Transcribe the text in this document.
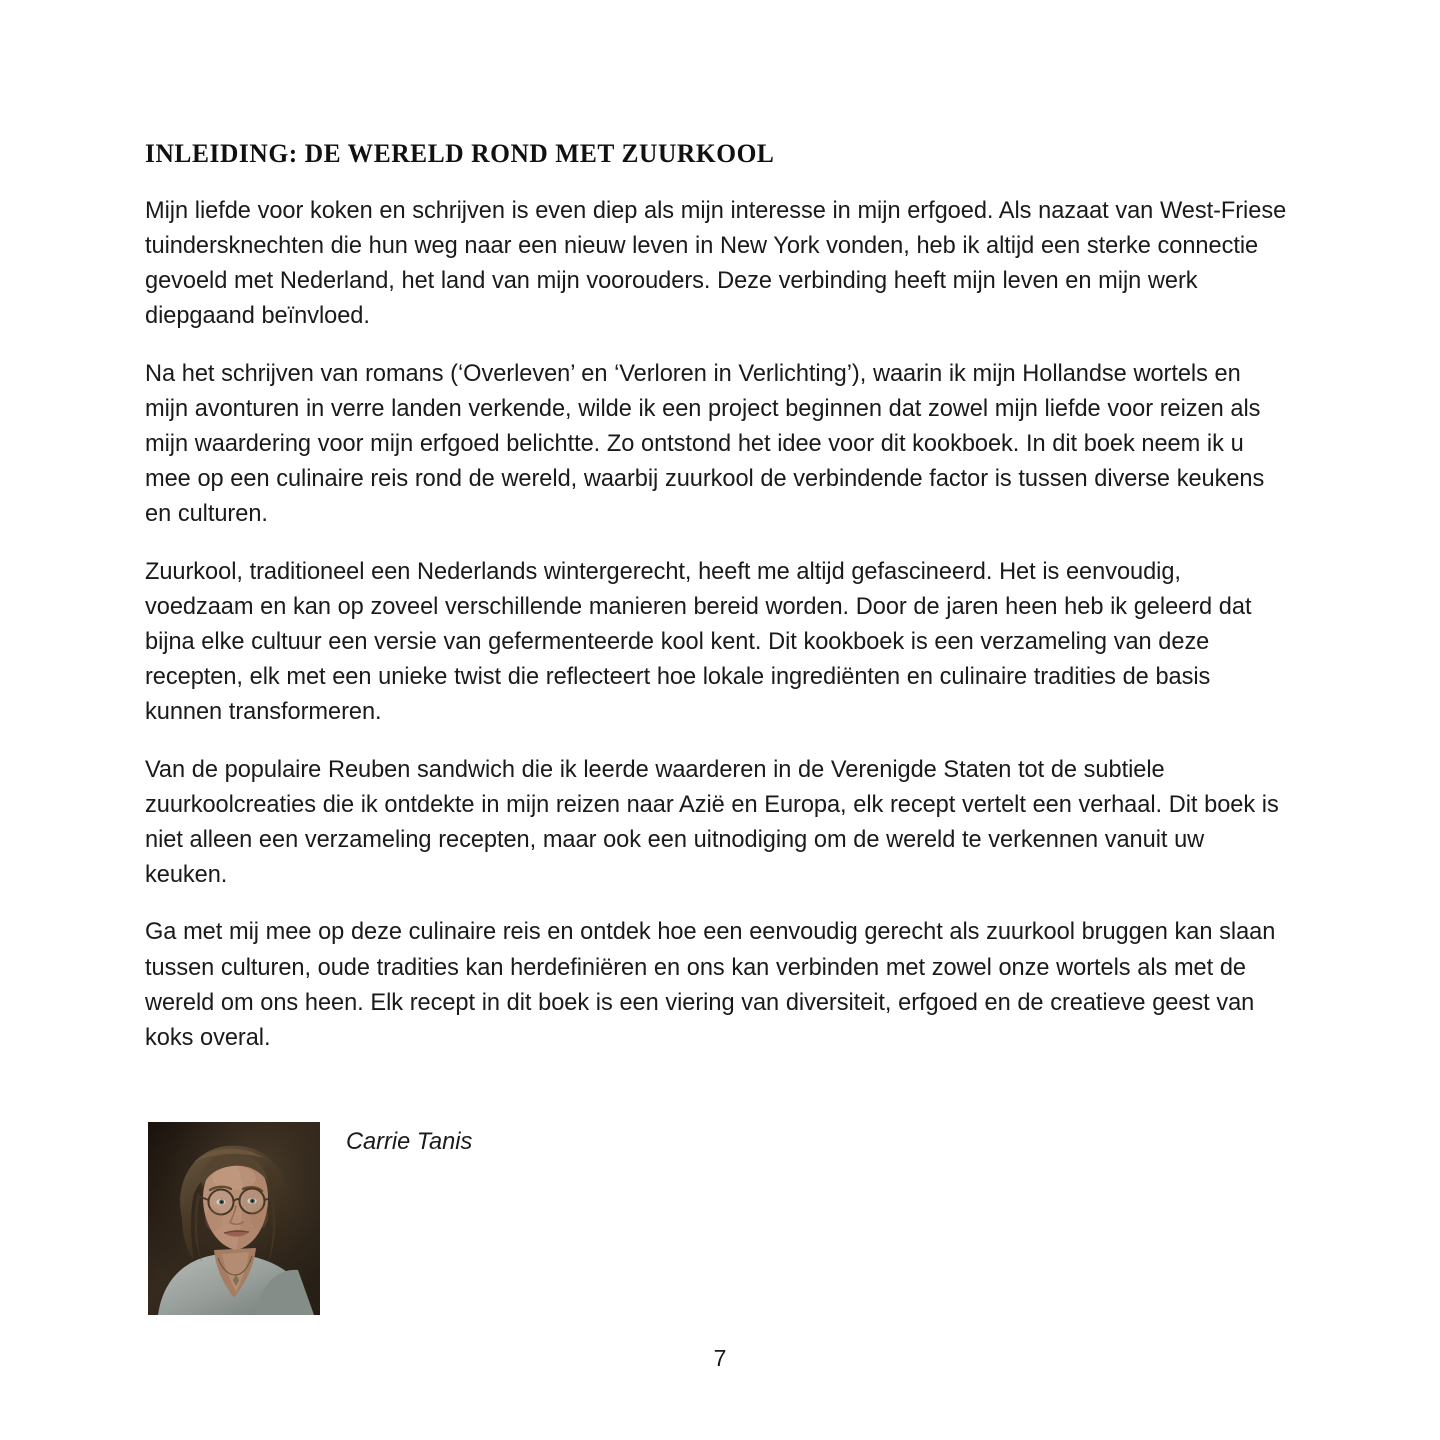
INLEIDING: DE WERELD ROND MET ZUURKOOL

Mijn liefde voor koken en schrijven is even diep als mijn interesse in mijn erfgoed. Als nazaat van West-Friese tuindersknechten die hun weg naar een nieuw leven in New York vonden, heb ik altijd een sterke connectie gevoeld met Nederland, het land van mijn voorouders. Deze verbinding heeft mijn leven en mijn werk diepgaand beïnvloed.

Na het schrijven van romans (‘Overleven’ en ‘Verloren in Verlichting’), waarin ik mijn Hollandse wortels en mijn avonturen in verre landen verkende, wilde ik een project beginnen dat zowel mijn liefde voor reizen als mijn waardering voor mijn erfgoed belichtte. Zo ontstond het idee voor dit kookboek. In dit boek neem ik u mee op een culinaire reis rond de wereld, waarbij zuurkool de verbindende factor is tussen diverse keukens en culturen.

Zuurkool, traditioneel een Nederlands wintergerecht, heeft me altijd gefascineerd. Het is eenvoudig, voedzaam en kan op zoveel verschillende manieren bereid worden. Door de jaren heen heb ik geleerd dat bijna elke cultuur een versie van gefermenteerde kool kent. Dit kookboek is een verzameling van deze recepten, elk met een unieke twist die reflecteert hoe lokale ingrediënten en culinaire tradities de basis kunnen transformeren.

Van de populaire Reuben sandwich die ik leerde waarderen in de Verenigde Staten tot de subtiele zuurkoolcreaties die ik ontdekte in mijn reizen naar Azië en Europa, elk recept vertelt een verhaal. Dit boek is niet alleen een verzameling recepten, maar ook een uitnodiging om de wereld te verkennen vanuit uw keuken.

Ga met mij mee op deze culinaire reis en ontdek hoe een eenvoudig gerecht als zuurkool bruggen kan slaan tussen culturen, oude tradities kan herdefiniëren en ons kan verbinden met zowel onze wortels als met de wereld om ons heen. Elk recept in dit boek is een viering van diversiteit, erfgoed en de creatieve geest van koks overal.

Carrie Tanis
7
